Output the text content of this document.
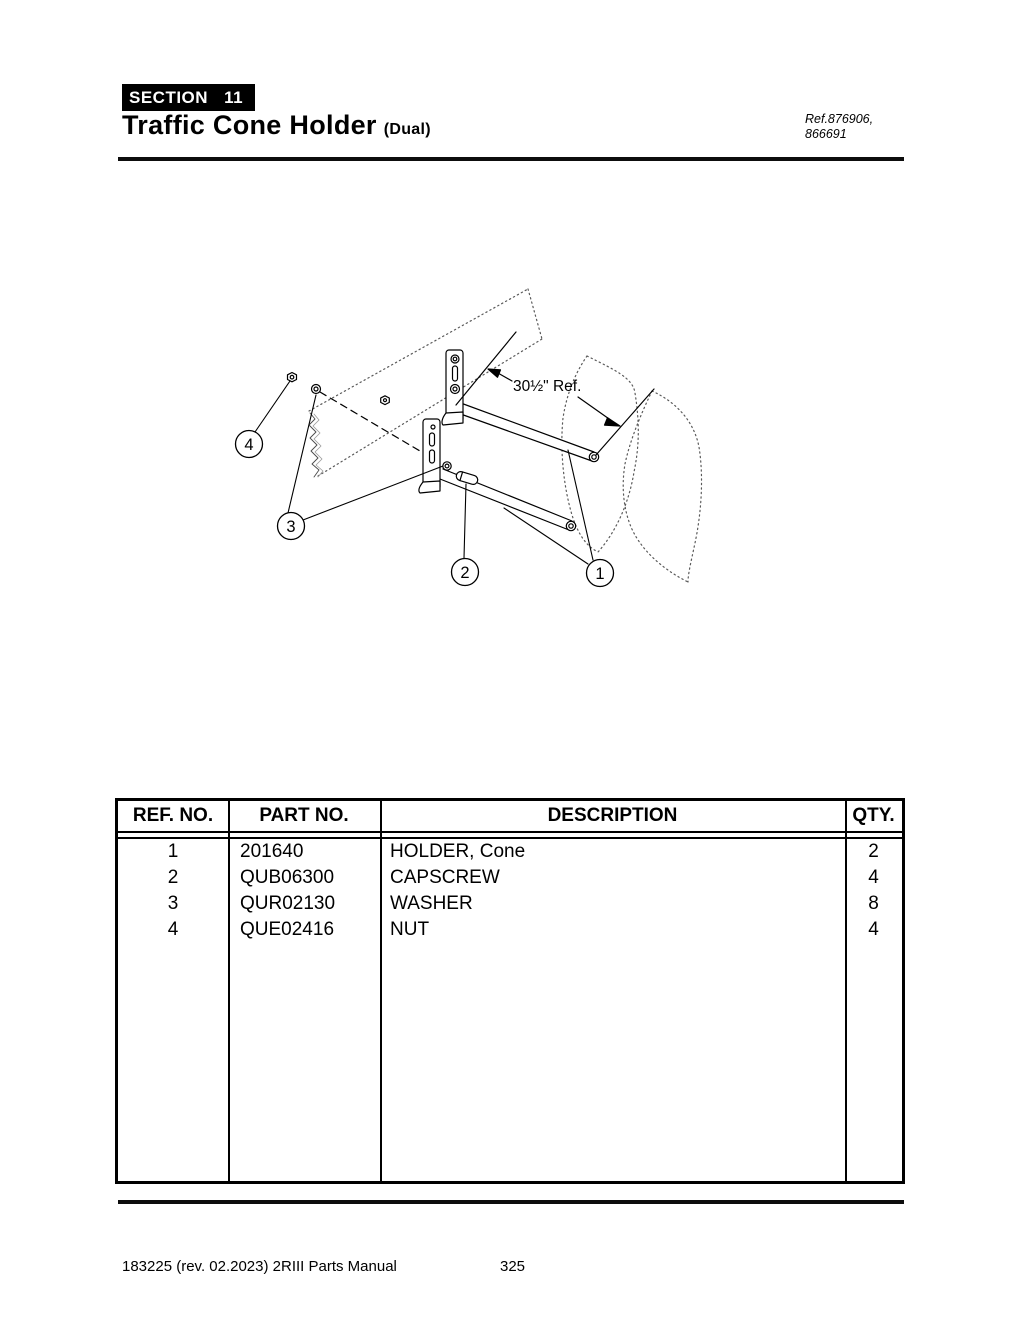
SECTION 11
Traffic Cone Holder (Dual)
Ref.876906,
866691
30½" Ref.
4
3
2	1
REF. NO.	PART NO.	DESCRIPTION	QTY.
1	201640	HOLDER, Cone	2
2	QUB06300	CAPSCREW	4
3	QUR02130	WASHER	8
4	QUE02416	NUT	4
183225 (rev. 02.2023) 2RIII Parts Manual	325
